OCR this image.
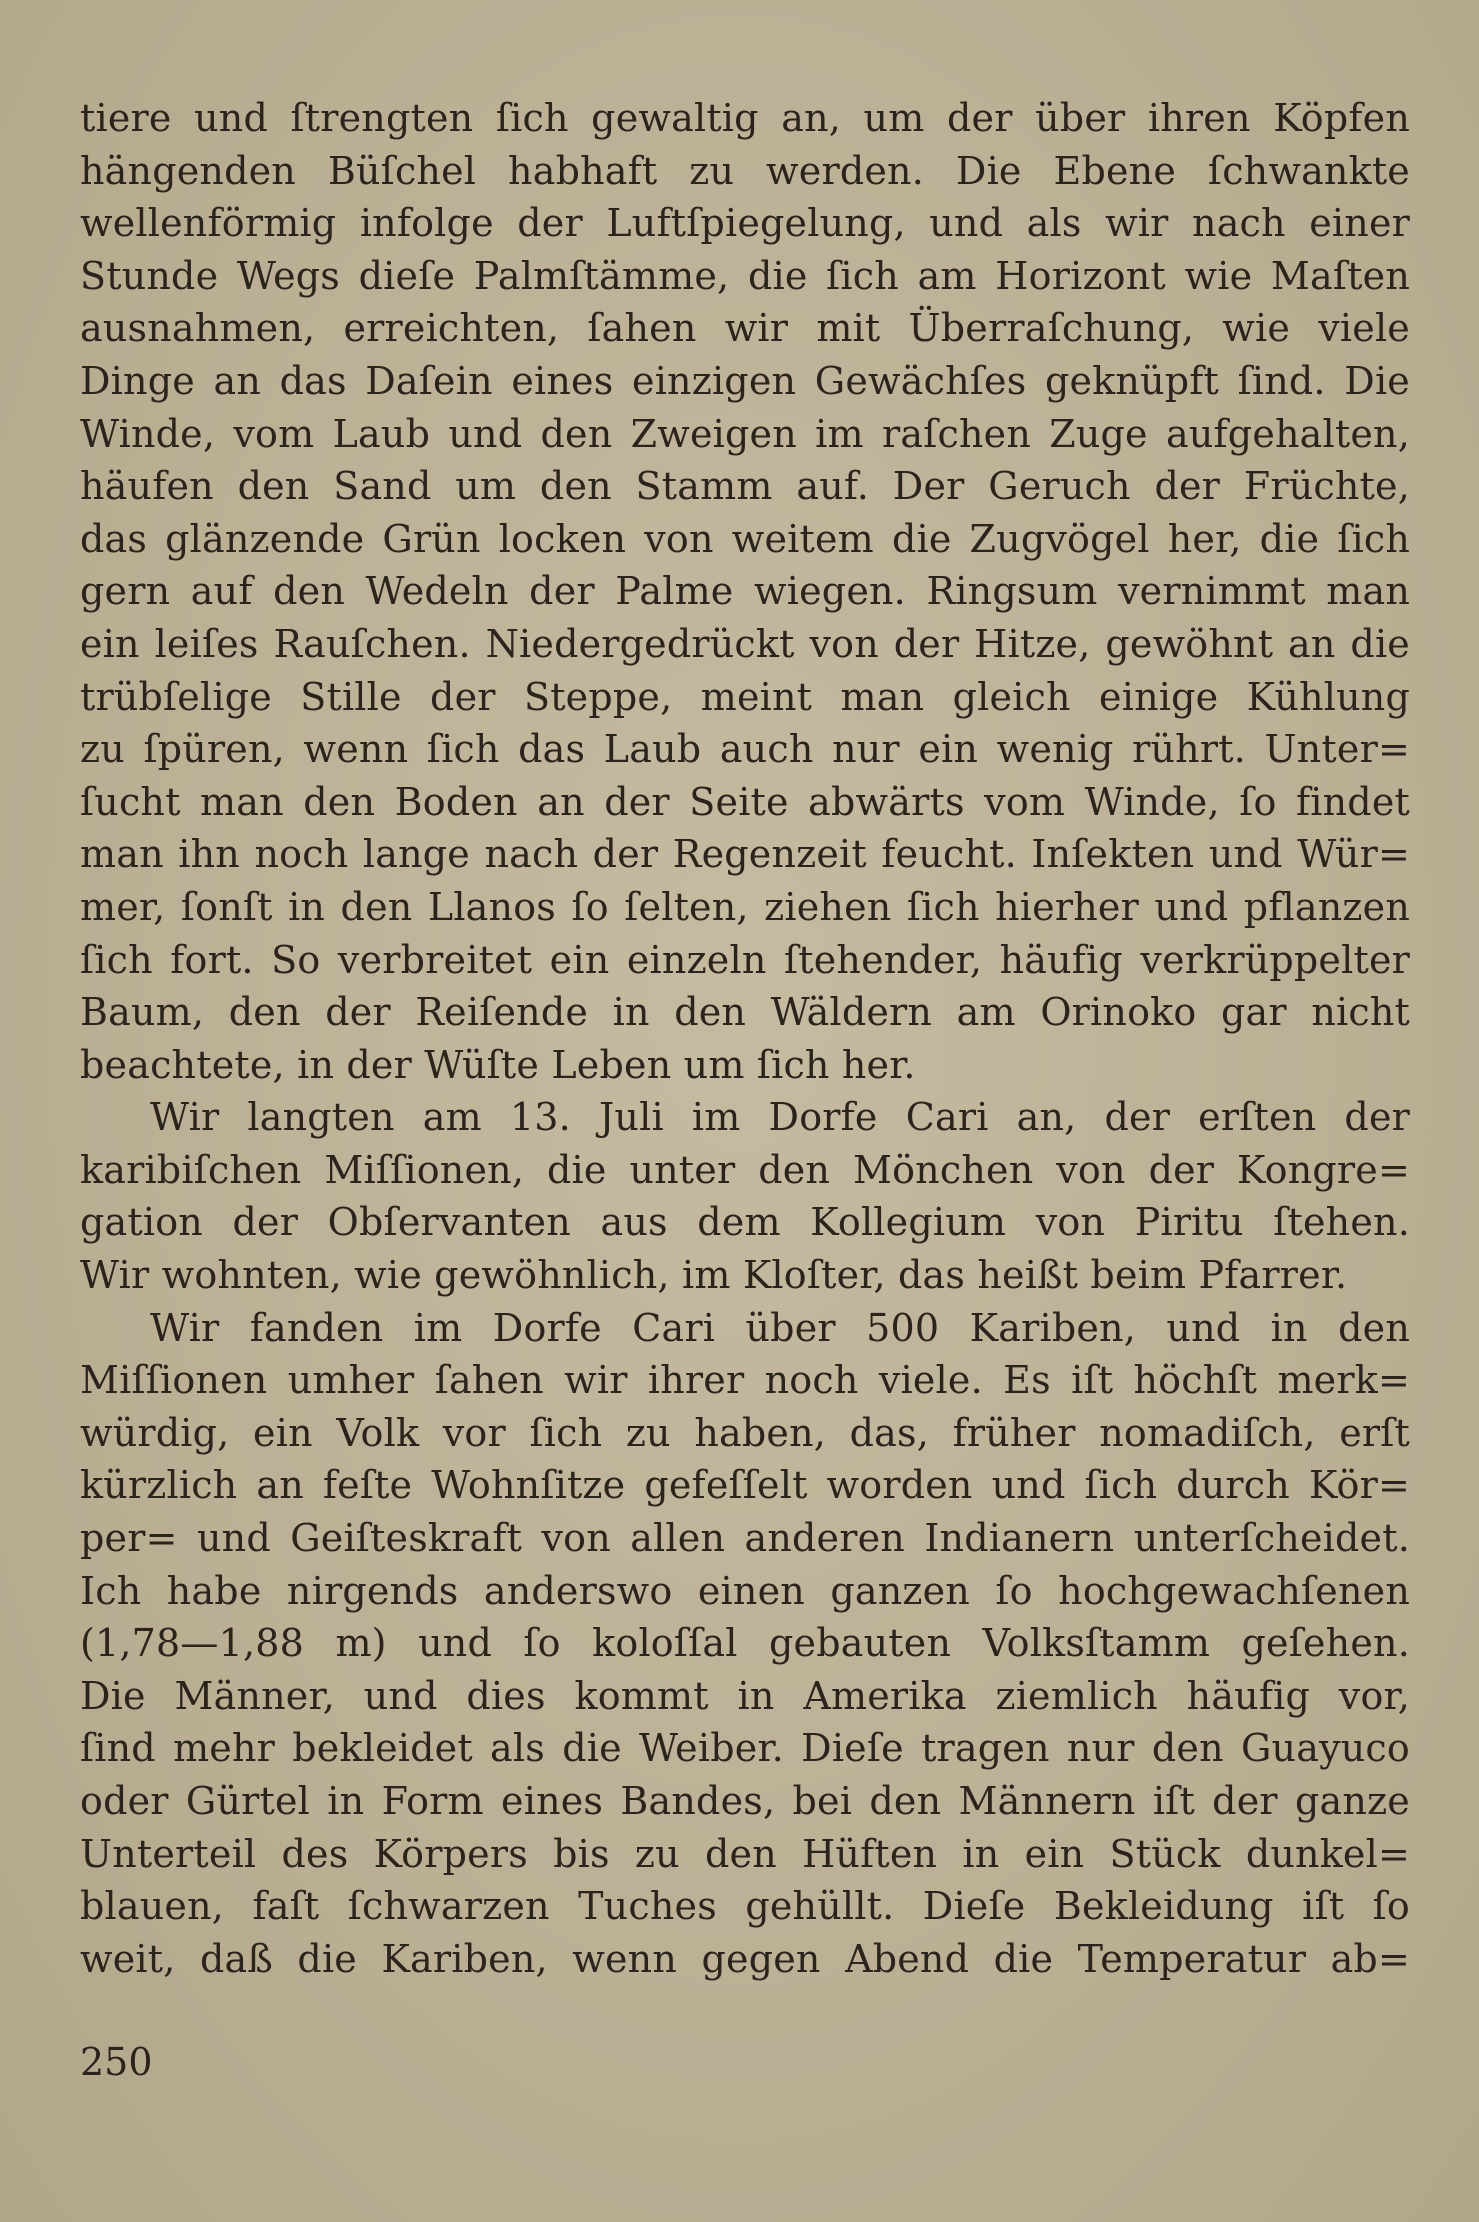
tiere und ſtrengten ſich gewaltig an, um der über ihren Köpfen
hängenden Büſchel habhaft zu werden. Die Ebene ſchwankte
wellenförmig infolge der Luftſpiegelung, und als wir nach einer
Stunde Wegs dieſe Palmſtämme, die ſich am Horizont wie Maſten
ausnahmen, erreichten, ſahen wir mit Überraſchung, wie viele
Dinge an das Daſein eines einzigen Gewächſes geknüpft ſind. Die
Winde, vom Laub und den Zweigen im raſchen Zuge aufgehalten,
häufen den Sand um den Stamm auf. Der Geruch der Früchte,
das glänzende Grün locken von weitem die Zugvögel her, die ſich
gern auf den Wedeln der Palme wiegen. Ringsum vernimmt man
ein leiſes Rauſchen. Niedergedrückt von der Hitze, gewöhnt an die
trübſelige Stille der Steppe, meint man gleich einige Kühlung
zu ſpüren, wenn ſich das Laub auch nur ein wenig rührt. Unter=
ſucht man den Boden an der Seite abwärts vom Winde, ſo findet
man ihn noch lange nach der Regenzeit feucht. Inſekten und Wür=
mer, ſonſt in den Llanos ſo ſelten, ziehen ſich hierher und pflanzen
ſich fort. So verbreitet ein einzeln ſtehender, häufig verkrüppelter
Baum, den der Reiſende in den Wäldern am Orinoko gar nicht
beachtete, in der Wüſte Leben um ſich her.
Wir langten am 13. Juli im Dorfe Cari an, der erſten der
karibiſchen Miſſionen, die unter den Mönchen von der Kongre=
gation der Obſervanten aus dem Kollegium von Piritu ſtehen.
Wir wohnten, wie gewöhnlich, im Kloſter, das heißt beim Pfarrer.
Wir fanden im Dorfe Cari über 500 Kariben, und in den
Miſſionen umher ſahen wir ihrer noch viele. Es iſt höchſt merk=
würdig, ein Volk vor ſich zu haben, das, früher nomadiſch, erſt
kürzlich an feſte Wohnſitze gefeſſelt worden und ſich durch Kör=
per= und Geiſteskraft von allen anderen Indianern unterſcheidet.
Ich habe nirgends anderswo einen ganzen ſo hochgewachſenen
(1,78—1,88 m) und ſo koloſſal gebauten Volksſtamm geſehen.
Die Männer, und dies kommt in Amerika ziemlich häufig vor,
ſind mehr bekleidet als die Weiber. Dieſe tragen nur den Guayuco
oder Gürtel in Form eines Bandes, bei den Männern iſt der ganze
Unterteil des Körpers bis zu den Hüften in ein Stück dunkel=
blauen, faſt ſchwarzen Tuches gehüllt. Dieſe Bekleidung iſt ſo
weit, daß die Kariben, wenn gegen Abend die Temperatur ab=
250
